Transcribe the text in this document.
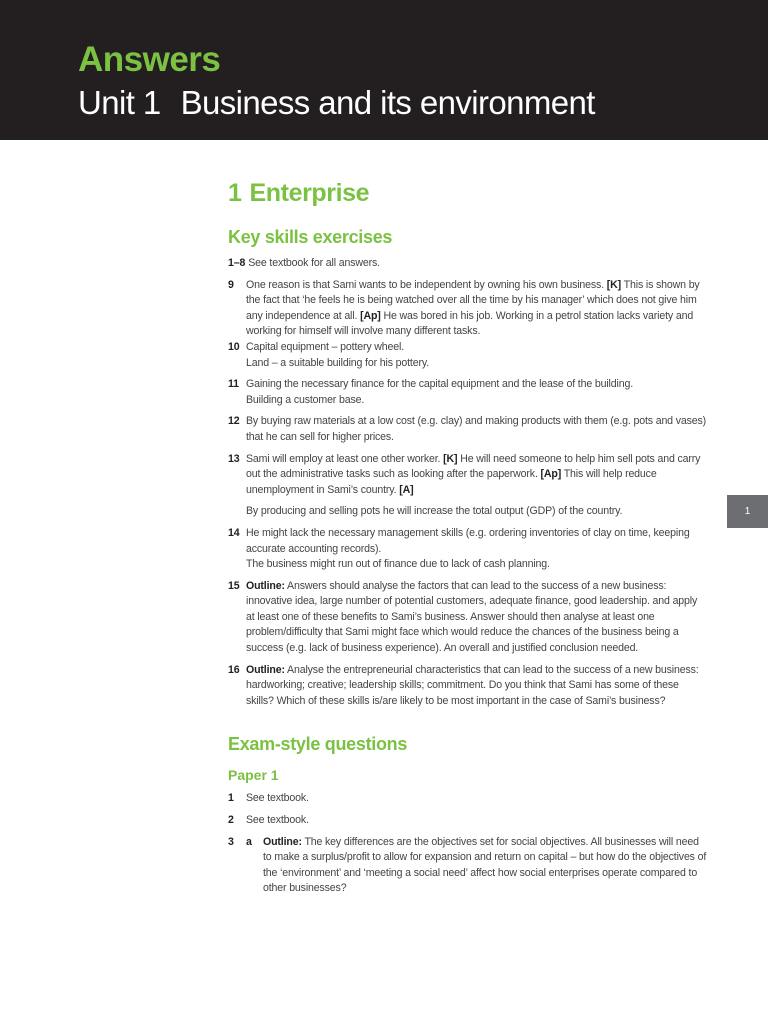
Answers
Unit 1 Business and its environment
1 Enterprise
Key skills exercises
1–8 See textbook for all answers.
9 One reason is that Sami wants to be independent by owning his own business. [K] This is shown by the fact that ‘he feels he is being watched over all the time by his manager’ which does not give him any independence at all. [Ap] He was bored in his job. Working in a petrol station lacks variety and working for himself will involve many different tasks.
10 Capital equipment – pottery wheel.
Land – a suitable building for his pottery.
11 Gaining the necessary finance for the capital equipment and the lease of the building.
Building a customer base.
12 By buying raw materials at a low cost (e.g. clay) and making products with them (e.g. pots and vases) that he can sell for higher prices.
13 Sami will employ at least one other worker. [K] He will need someone to help him sell pots and carry out the administrative tasks such as looking after the paperwork. [Ap] This will help reduce unemployment in Sami’s country. [A]
By producing and selling pots he will increase the total output (GDP) of the country.
14 He might lack the necessary management skills (e.g. ordering inventories of clay on time, keeping accurate accounting records).
The business might run out of finance due to lack of cash planning.
15 Outline: Answers should analyse the factors that can lead to the success of a new business: innovative idea, large number of potential customers, adequate finance, good leadership. and apply at least one of these benefits to Sami’s business. Answer should then analyse at least one problem/difficulty that Sami might face which would reduce the chances of the business being a success (e.g. lack of business experience). An overall and justified conclusion needed.
16 Outline: Analyse the entrepreneurial characteristics that can lead to the success of a new business: hardworking; creative; leadership skills; commitment. Do you think that Sami has some of these skills? Which of these skills is/are likely to be most important in the case of Sami’s business?
Exam-style questions
Paper 1
1 See textbook.
2 See textbook.
3 a Outline: The key differences are the objectives set for social objectives. All businesses will need to make a surplus/profit to allow for expansion and return on capital – but how do the objectives of the ‘environment’ and ‘meeting a social need’ affect how social enterprises operate compared to other businesses?
1
